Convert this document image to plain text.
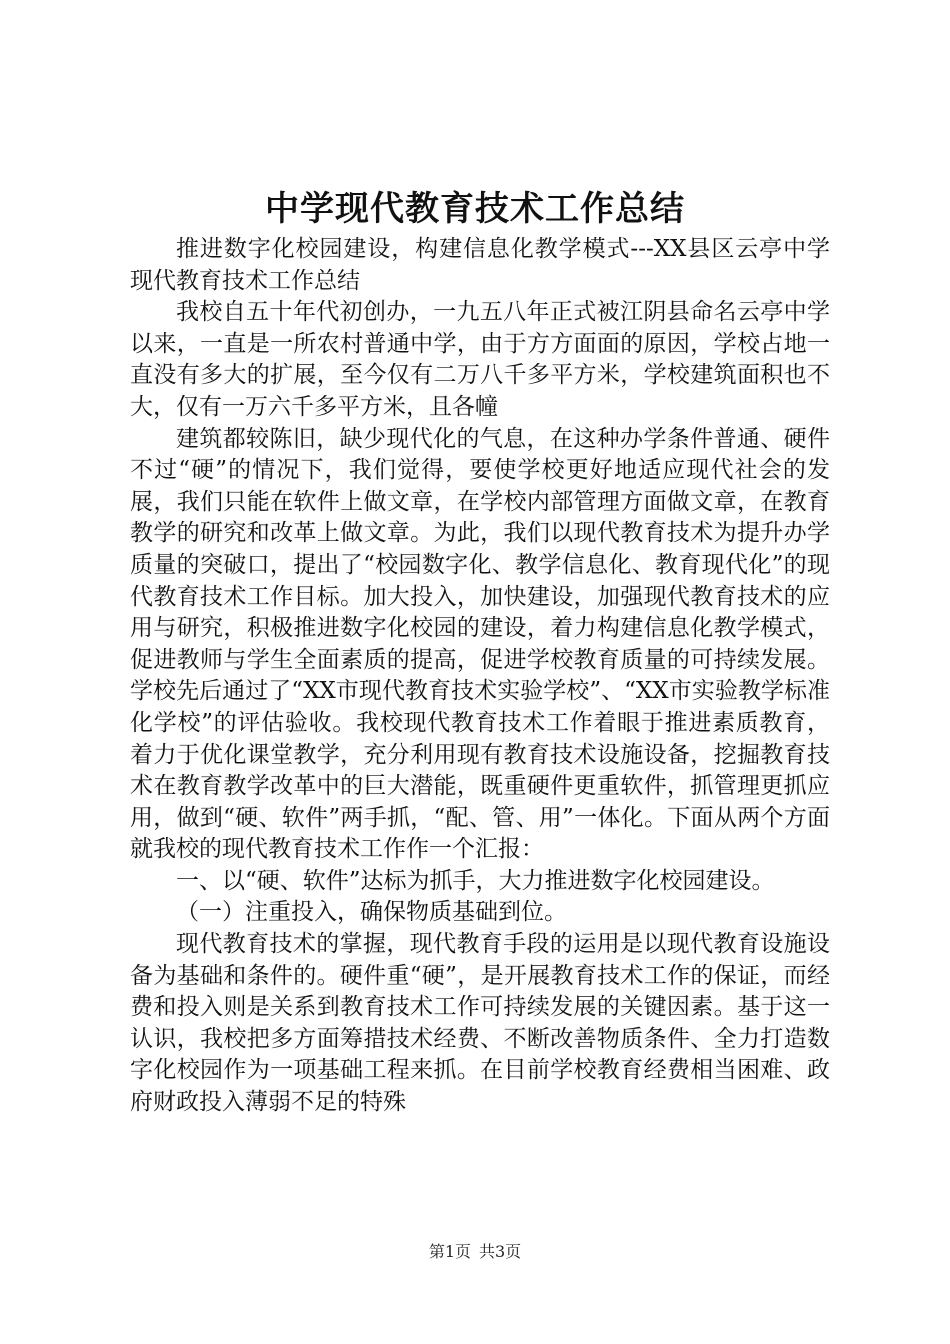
中学现代教育技术工作总结

推进数字化校园建设，构建信息化教学模式---XX县区云亭中学现代教育技术工作总结

我校自五十年代初创办，一九五八年正式被江阴县命名云亭中学以来，一直是一所农村普通中学，由于方方面面的原因，学校占地一直没有多大的扩展，至今仅有二万八千多平方米，学校建筑面积也不大，仅有一万六千多平方米，且各幢

建筑都较陈旧，缺少现代化的气息，在这种办学条件普通、硬件不过“硬”的情况下，我们觉得，要使学校更好地适应现代社会的发展，我们只能在软件上做文章，在学校内部管理方面做文章，在教育教学的研究和改革上做文章。为此，我们以现代教育技术为提升办学质量的突破口，提出了“校园数字化、教学信息化、教育现代化”的现代教育技术工作目标。加大投入，加快建设，加强现代教育技术的应用与研究，积极推进数字化校园的建设，着力构建信息化教学模式，促进教师与学生全面素质的提高，促进学校教育质量的可持续发展。学校先后通过了“XX市现代教育技术实验学校”、“XX市实验教学标准化学校”的评估验收。我校现代教育技术工作着眼于推进素质教育，着力于优化课堂教学，充分利用现有教育技术设施设备，挖掘教育技术在教育教学改革中的巨大潜能，既重硬件更重软件，抓管理更抓应用，做到“硬、软件”两手抓，“配、管、用”一体化。下面从两个方面就我校的现代教育技术工作作一个汇报：

一、以“硬、软件”达标为抓手，大力推进数字化校园建设。

（一）注重投入，确保物质基础到位。

现代教育技术的掌握，现代教育手段的运用是以现代教育设施设备为基础和条件的。硬件重“硬”，是开展教育技术工作的保证，而经费和投入则是关系到教育技术工作可持续发展的关键因素。基于这一认识，我校把多方面筹措技术经费、不断改善物质条件、全力打造数字化校园作为一项基础工程来抓。在目前学校教育经费相当困难、政府财政投入薄弱不足的特殊

第1页 共3页
